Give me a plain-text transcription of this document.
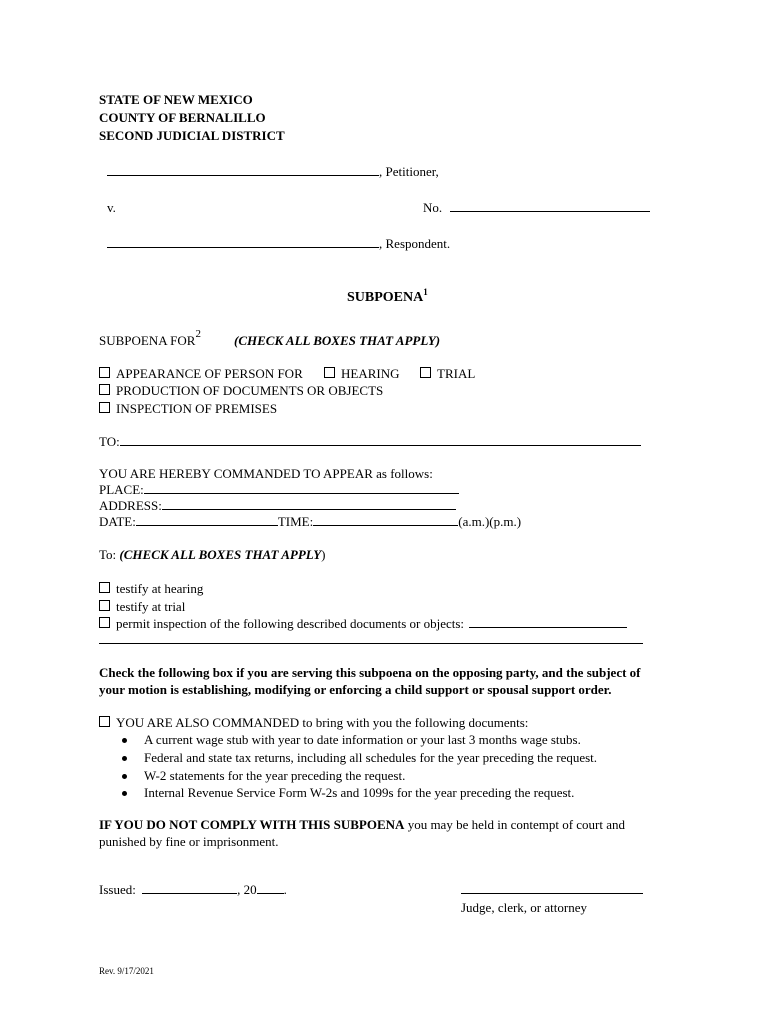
STATE OF NEW MEXICO
COUNTY OF BERNALILLO
SECOND JUDICIAL DISTRICT
, Petitioner,
v.	No.
, Respondent.
SUBPOENA$^1$
SUBPOENA FOR$^2$	(CHECK ALL BOXES THAT APPLY)
APPEARANCE OF PERSON FOR	HEARING	TRIAL
PRODUCTION OF DOCUMENTS OR OBJECTS
INSPECTION OF PREMISES
TO:
YOU ARE HEREBY COMMANDED TO APPEAR as follows:
PLACE:
ADDRESS:
DATE:	TIME:	(a.m.)(p.m.)
To: (CHECK ALL BOXES THAT APPLY)
testify at hearing
testify at trial
permit inspection of the following described documents or objects:
Check the following box if you are serving this subpoena on the opposing party, and the subject of
your motion is establishing, modifying or enforcing a child support or spousal support order.
YOU ARE ALSO COMMANDED to bring with you the following documents:
A current wage stub with year to date information or your last 3 months wage stubs.
Federal and state tax returns, including all schedules for the year preceding the request.
W-2 statements for the year preceding the request.
Internal Revenue Service Form W-2s and 1099s for the year preceding the request.
IF YOU DO NOT COMPLY WITH THIS SUBPOENA you may be held in contempt of court and
punished by fine or imprisonment.
Issued:	, 20 .
Judge, clerk, or attorney
Rev. 9/17/2021
